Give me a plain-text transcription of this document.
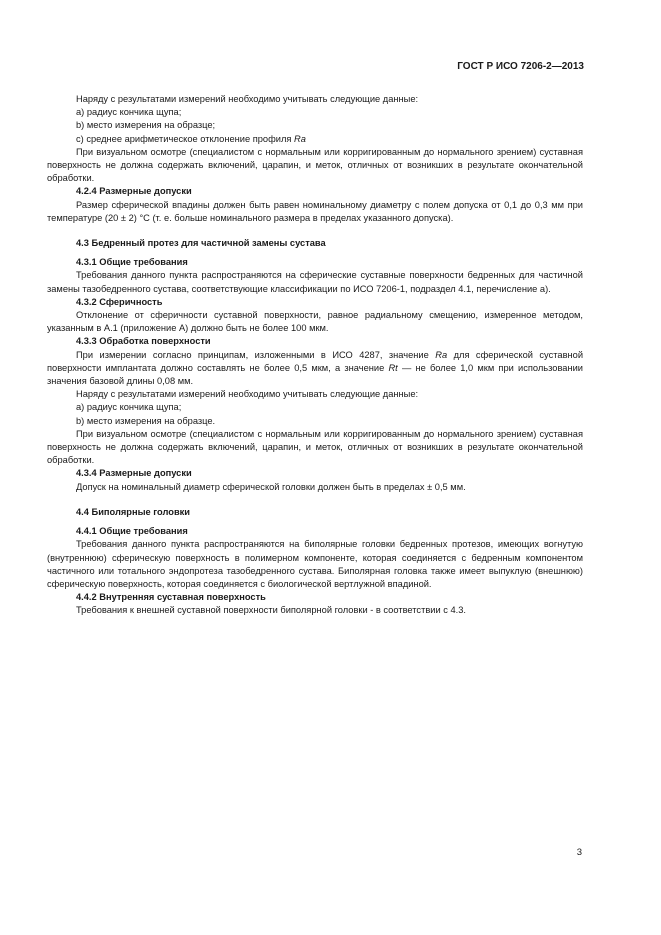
ГОСТ Р ИСО 7206-2—2013

Наряду с результатами измерений необходимо учитывать следующие данные:

a) радиус кончика щупа;

b) место измерения на образце;

c) среднее арифметическое отклонение профиля Ra

При визуальном осмотре (специалистом с нормальным или корригированным до нормального зрением) суставная поверхность не должна содержать включений, царапин, и меток, отличных от возникших в результате окончательной обработки.

4.2.4 Размерные допуски

Размер сферической впадины должен быть равен номинальному диаметру с полем допуска от 0,1 до 0,3 мм при температуре (20 ± 2) °С (т. е. больше номинального размера в пределах указанного допуска).

4.3 Бедренный протез для частичной замены сустава

4.3.1 Общие требования

Требования данного пункта распространяются на сферические суставные поверхности бедренных для частичной замены тазобедренного сустава, соответствующие классификации по ИСО 7206-1, подраздел 4.1, перечисление а).

4.3.2 Сферичность

Отклонение от сферичности суставной поверхности, равное радиальному смещению, измеренное методом, указанным в А.1 (приложение А) должно быть не более 100 мкм.

4.3.3 Обработка поверхности

При измерении согласно принципам, изложенными в ИСО 4287, значение Ra для сферической суставной поверхности имплантата должно составлять не более 0,5 мкм, а значение Rt — не более 1,0 мкм при использовании значения базовой длины 0,08 мм.

Наряду с результатами измерений необходимо учитывать следующие данные:

a) радиус кончика щупа;

b) место измерения на образце.

При визуальном осмотре (специалистом с нормальным или корригированным до нормального зрением) суставная поверхность не должна содержать включений, царапин, и меток, отличных от возникших в результате окончательной обработки.

4.3.4 Размерные допуски

Допуск на номинальный диаметр сферической головки должен быть в пределах ± 0,5 мм.

4.4 Биполярные головки

4.4.1 Общие требования

Требования данного пункта распространяются на биполярные головки бедренных протезов, имеющих вогнутую (внутреннюю) сферическую поверхность в полимерном компоненте, которая соединяется с бедренным компонентом частичного или тотального эндопротеза тазобедренного сустава. Биполярная головка также имеет выпуклую (внешнюю) сферическую поверхность, которая соединяется с биологической вертлужной впадиной.

4.4.2 Внутренняя суставная поверхность

Требования к внешней суставной поверхности биполярной головки - в соответствии с 4.3.

3
